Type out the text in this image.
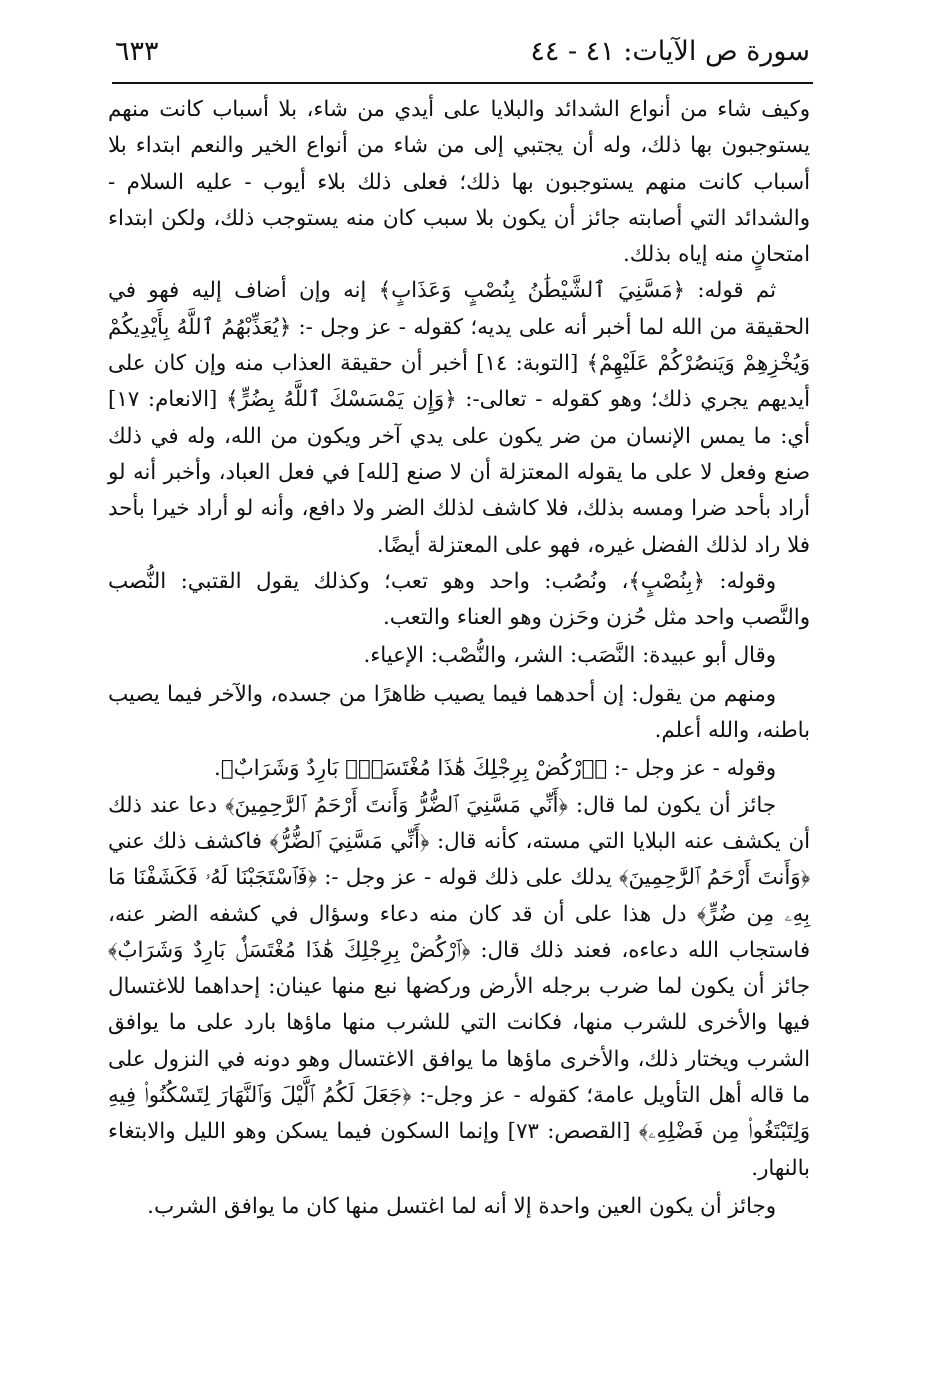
سورة ص الآيات: ٤١ - ٤٤
٦٣٣

وكيف شاء من أنواع الشدائد والبلايا على أيدي من شاء، بلا أسباب كانت منهم يستوجبون بها ذلك، وله أن يجتبي إلى من شاء من أنواع الخير والنعم ابتداء بلا أسباب كانت منهم يستوجبون بها ذلك؛ فعلى ذلك بلاء أيوب - عليه السلام - والشدائد التي أصابته جائز أن يكون بلا سبب كان منه يستوجب ذلك، ولكن ابتداء امتحانٍ منه إياه بذلك.

ثم قوله: ﴿مَسَّنِيَ ٱلشَّيْطَٰنُ بِنُصْبٍ وَعَذَابٍ﴾ إنه وإن أضاف إليه فهو في الحقيقة من الله لما أخبر أنه على يديه؛ كقوله - عز وجل -: ﴿يُعَذِّبْهُمُ ٱللَّهُ بِأَيْدِيكُمْ وَيُخْزِهِمْ وَيَنصُرْكُمْ عَلَيْهِمْ﴾ [التوبة: ١٤] أخبر أن حقيقة العذاب منه وإن كان على أيديهم يجري ذلك؛ وهو كقوله - تعالى-: ﴿وَإِن يَمْسَسْكَ ٱللَّهُ بِضُرٍّ﴾ [الانعام: ١٧] أي: ما يمس الإنسان من ضر يكون على يدي آخر ويكون من الله، وله في ذلك صنع وفعل لا على ما يقوله المعتزلة أن لا صنع [لله] في فعل العباد، وأخبر أنه لو أراد بأحد ضرا ومسه بذلك، فلا كاشف لذلك الضر ولا دافع، وأنه لو أراد خيرا بأحد فلا راد لذلك الفضل غيره، فهو على المعتزلة أيضًا.

وقوله: ﴿بِنُصْبٍ﴾، ونُصُب: واحد وهو تعب؛ وكذلك يقول القتبي: النُّصب والنَّصب واحد مثل حُزن وحَزن وهو العناء والتعب.

وقال أبو عبيدة: النَّصَب: الشر، والنُّصْب: الإعياء.

ومنهم من يقول: إن أحدهما فيما يصيب ظاهرًا من جسده، والآخر فيما يصيب باطنه، والله أعلم.

وقوله - عز وجل -: ﴿ٱرْكُضْ بِرِجْلِكَ هَٰذَا مُغْتَسَلٌۢ بَارِدٌ وَشَرَابٌ﴾.

جائز أن يكون لما قال: ﴿أَنِّي مَسَّنِيَ ٱلضُّرُّ وَأَنتَ أَرْحَمُ ٱلرَّٰحِمِينَ﴾ دعا عند ذلك أن يكشف عنه البلايا التي مسته، كأنه قال: ﴿أَنِّي مَسَّنِيَ ٱلضُّرُّ﴾ فاكشف ذلك عني ﴿وَأَنتَ أَرْحَمُ ٱلرَّٰحِمِينَ﴾ يدلك على ذلك قوله - عز وجل -: ﴿فَٱسْتَجَبْنَا لَهُۥ فَكَشَفْنَا مَا بِهِۦ مِن ضُرٍّ﴾ دل هذا على أن قد كان منه دعاء وسؤال في كشفه الضر عنه، فاستجاب الله دعاءه، فعند ذلك قال: ﴿ٱرْكُضْ بِرِجْلِكَ هَٰذَا مُغْتَسَلٌۢ بَارِدٌ وَشَرَابٌ﴾ جائز أن يكون لما ضرب برجله الأرض وركضها نبع منها عينان: إحداهما للاغتسال فيها والأخرى للشرب منها، فكانت التي للشرب منها ماؤها بارد على ما يوافق الشرب ويختار ذلك، والأخرى ماؤها ما يوافق الاغتسال وهو دونه في النزول على ما قاله أهل التأويل عامة؛ كقوله - عز وجل-: ﴿جَعَلَ لَكُمُ ٱلَّيْلَ وَٱلنَّهَارَ لِتَسْكُنُوا۟ فِيهِ وَلِتَبْتَغُوا۟ مِن فَضْلِهِۦ﴾ [القصص: ٧٣] وإنما السكون فيما يسكن وهو الليل والابتغاء بالنهار.

وجائز أن يكون العين واحدة إلا أنه لما اغتسل منها كان ما يوافق الشرب.
